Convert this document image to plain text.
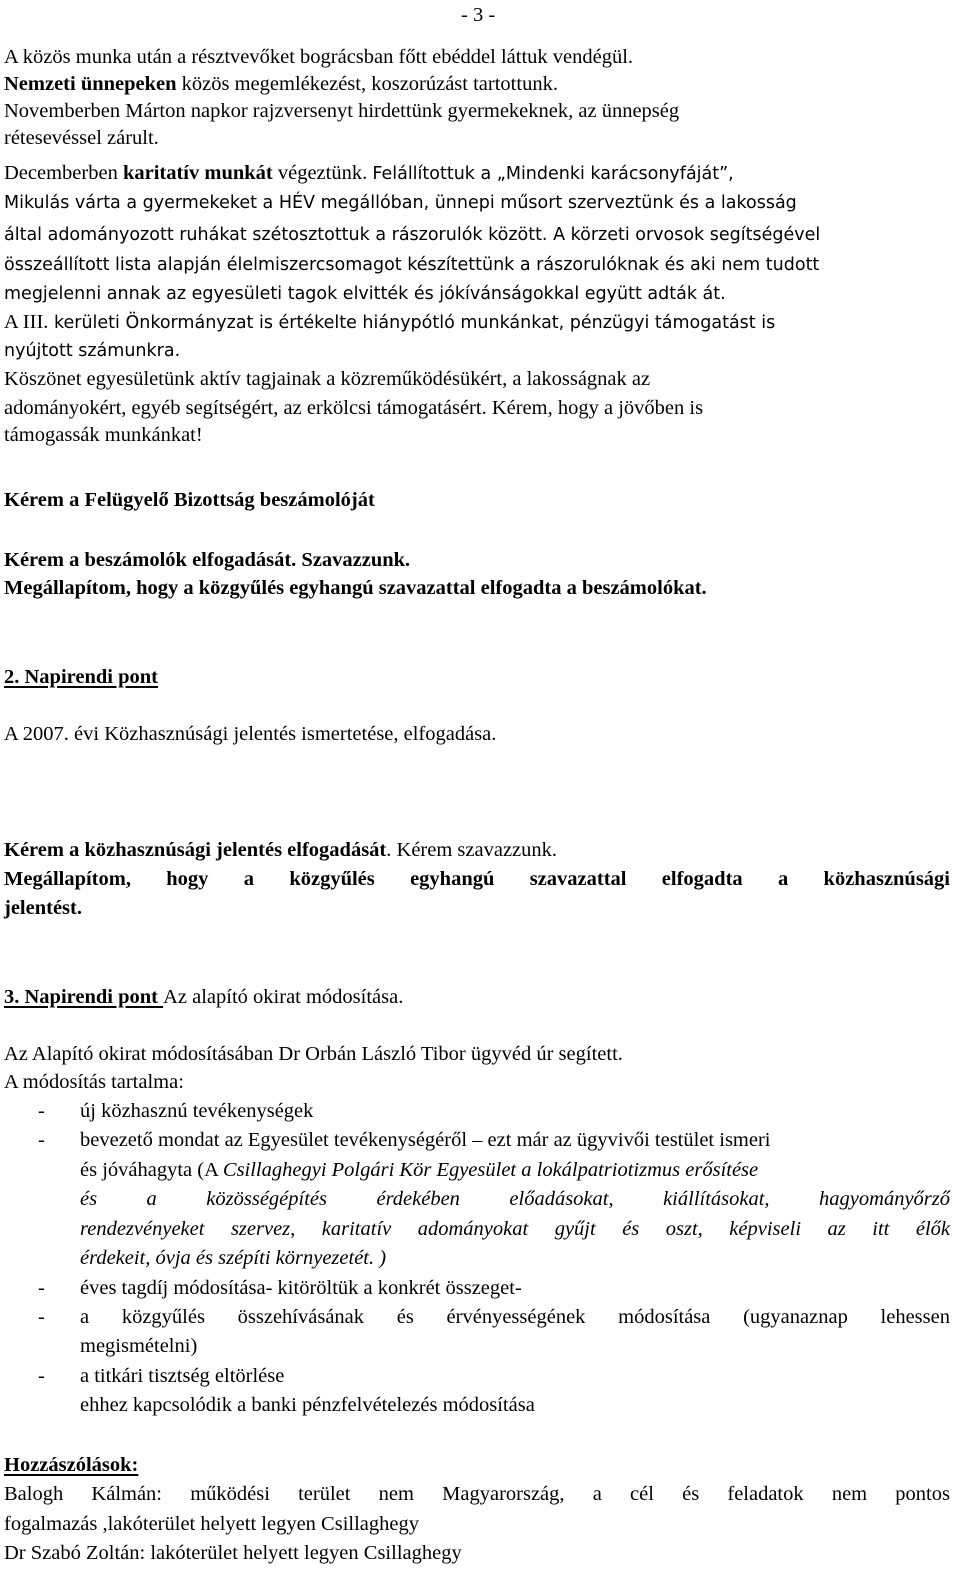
- 3 -
A közös munka után a résztvevőket bográcsban főtt ebéddel láttuk vendégül.
Nemzeti ünnepeken közös megemlékezést, koszorúzást tartottunk.
Novemberben Márton napkor rajzversenyt hirdettünk gyermekeknek, az ünnepség
rétesevéssel zárult.
Decemberben karitatív munkát végeztünk. Felállítottuk a „Mindenki karácsonyfáját”,
Mikulás várta a gyermekeket a HÉV megállóban, ünnepi műsort szerveztünk és a lakosság
által adományozott ruhákat szétosztottuk a rászorulók között. A körzeti orvosok segítségével
összeállított lista alapján élelmiszercsomagot készítettünk a rászorulóknak és aki nem tudott
megjelenni annak az egyesületi tagok elvitték és jókívánságokkal együtt adták át.
A III. kerületi Önkormányzat is értékelte hiánypótló munkánkat, pénzügyi támogatást is
nyújtott számunkra.
Köszönet egyesületünk aktív tagjainak a közreműködésükért, a lakosságnak az
adományokért, egyéb segítségért, az erkölcsi támogatásért. Kérem, hogy a jövőben is
támogassák munkánkat!
Kérem a Felügyelő Bizottság beszámolóját
Kérem a beszámolók elfogadását. Szavazzunk.
Megállapítom, hogy a közgyűlés egyhangú szavazattal elfogadta a beszámolókat.
2. Napirendi pont
A 2007. évi Közhasznúsági jelentés ismertetése, elfogadása.
Kérem a közhasznúsági jelentés elfogadását. Kérem szavazzunk.
Megállapítom, hogy a közgyűlés egyhangú szavazattal elfogadta a közhasznúsági
jelentést.
3. Napirendi pont Az alapító okirat módosítása.
Az Alapító okirat módosításában Dr Orbán László Tibor ügyvéd úr segített.
A módosítás tartalma:
- új közhasznú tevékenységek
- bevezető mondat az Egyesület tevékenységéről – ezt már az ügyvivői testület ismeri
és jóváhagyta (A Csillaghegyi Polgári Kör Egyesület a lokálpatriotizmus erősítése
és a közösségépítés érdekében előadásokat, kiállításokat, hagyományőrző
rendezvényeket szervez, karitatív adományokat gyűjt és oszt, képviseli az itt élők
érdekeit, óvja és szépíti környezetét. )
- éves tagdíj módosítása- kitöröltük a konkrét összeget-
- a közgyűlés összehívásának és érvényességének módosítása (ugyanaznap lehessen
megismételni)
- a titkári tisztség eltörlése
ehhez kapcsolódik a banki pénzfelvételezés módosítása
Hozzászólások:
Balogh Kálmán: működési terület nem Magyarország, a cél és feladatok nem pontos
fogalmazás ,lakóterület helyett legyen Csillaghegy
Dr Szabó Zoltán: lakóterület helyett legyen Csillaghegy
